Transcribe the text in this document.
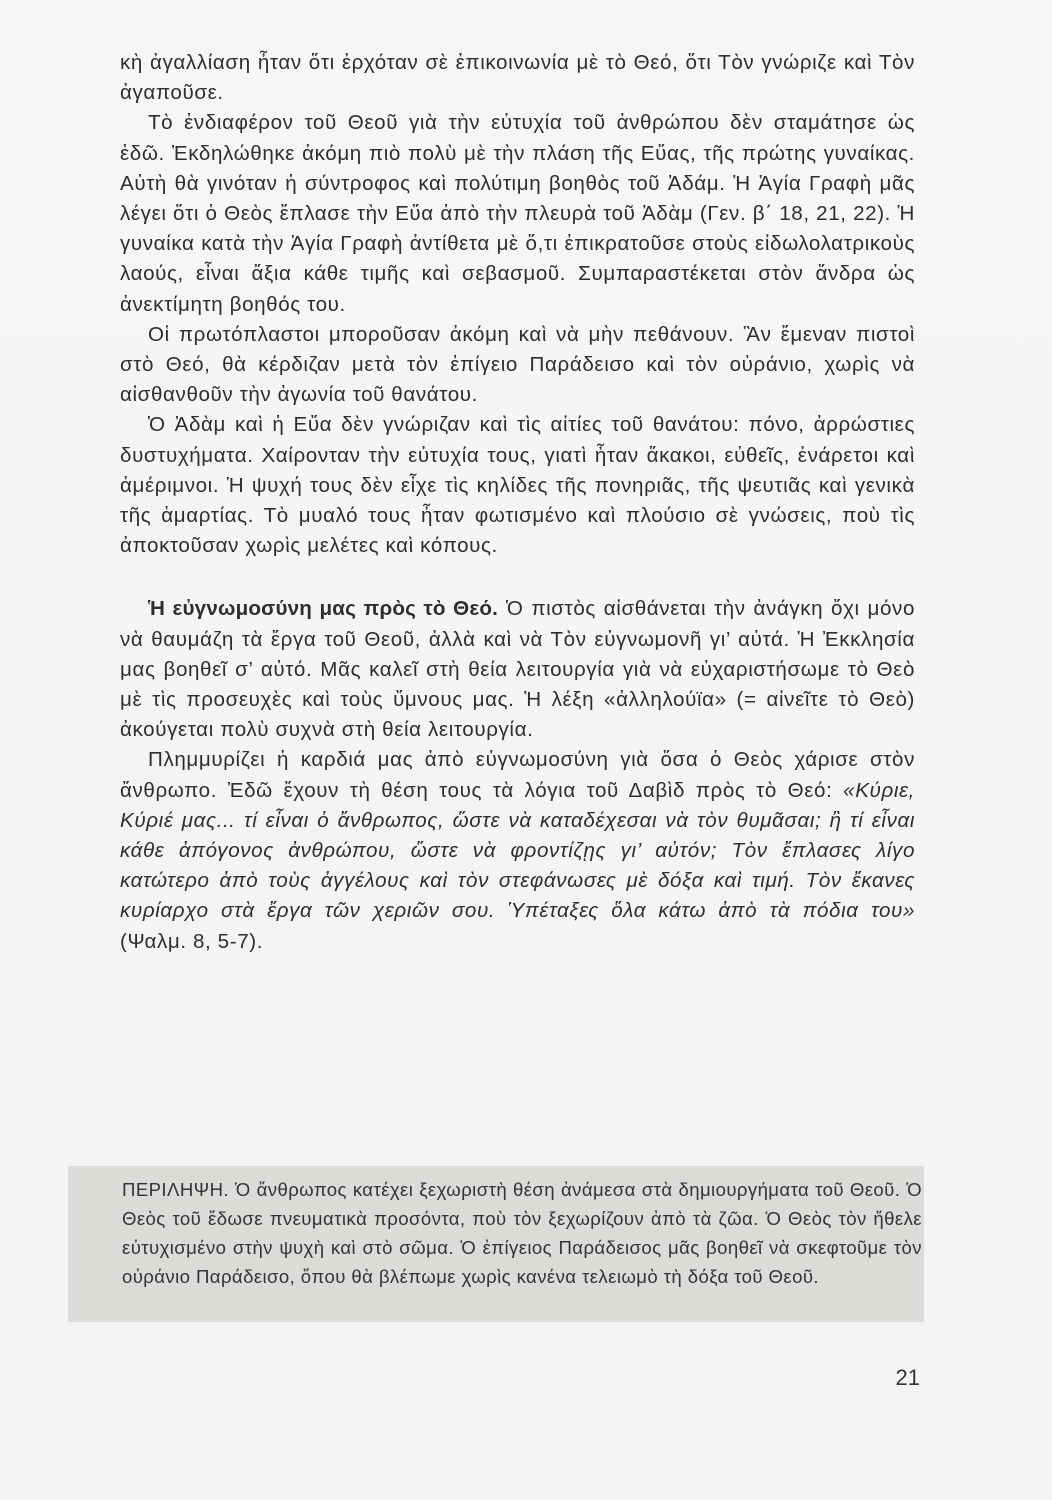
κὴ ἀγαλλίαση ἦταν ὅτι ἐρχόταν σὲ ἐπικοινωνία μὲ τὸ Θεό, ὅτι Τὸν γνώριζε καὶ Τὸν ἀγαποῦσε.

Τὸ ἐνδιαφέρον τοῦ Θεοῦ γιὰ τὴν εὐτυχία τοῦ ἀνθρώπου δὲν σταμάτησε ὡς ἐδῶ. Ἐκδηλώθηκε ἀκόμη πιὸ πολὺ μὲ τὴν πλάση τῆς Εὔας, τῆς πρώτης γυναίκας. Αὐτὴ θὰ γινόταν ἡ σύντροφος καὶ πολύτιμη βοηθὸς τοῦ Ἀδάμ. Ἡ Ἁγία Γραφὴ μᾶς λέγει ὅτι ὁ Θεὸς ἔπλασε τὴν Εὔα ἀπὸ τὴν πλευρὰ τοῦ Ἀδὰμ (Γεν. β΄ 18, 21, 22). Ἡ γυναίκα κατὰ τὴν Ἁγία Γραφὴ ἀντίθετα μὲ ὅ,τι ἐπικρατοῦσε στοὺς εἰδωλολατρικοὺς λαούς, εἶναι ἄξια κάθε τιμῆς καὶ σεβασμοῦ. Συμπαραστέκεται στὸν ἄνδρα ὡς ἀνεκτίμητη βοηθός του.

Οἱ πρωτόπλαστοι μποροῦσαν ἀκόμη καὶ νὰ μὴν πεθάνουν. Ἂν ἔμεναν πιστοὶ στὸ Θεό, θὰ κέρδιζαν μετὰ τὸν ἐπίγειο Παράδεισο καὶ τὸν οὐράνιο, χωρὶς νὰ αἰσθανθοῦν τὴν ἀγωνία τοῦ θανάτου.

Ὁ Ἀδὰμ καὶ ἡ Εὔα δὲν γνώριζαν καὶ τὶς αἰτίες τοῦ θανάτου: πόνο, ἀρρώστιες δυστυχήματα. Χαίρονταν τὴν εὐτυχία τους, γιατὶ ἦταν ἄκακοι, εὐθεῖς, ἐνάρετοι καὶ ἀμέριμνοι. Ἡ ψυχή τους δὲν εἶχε τὶς κηλίδες τῆς πονηριᾶς, τῆς ψευτιᾶς καὶ γενικὰ τῆς ἁμαρτίας. Τὸ μυαλό τους ἦταν φωτισμένο καὶ πλούσιο σὲ γνώσεις, ποὺ τὶς ἀποκτοῦσαν χωρὶς μελέτες καὶ κόπους.

Ἡ εὐγνωμοσύνη μας πρὸς τὸ Θεό. Ὁ πιστὸς αἰσθάνεται τὴν ἀνάγκη ὄχι μόνο νὰ θαυμάζη τὰ ἔργα τοῦ Θεοῦ, ἀλλὰ καὶ νὰ Τὸν εὐγνωμονῆ γι’ αὐτά. Ἡ Ἐκκλησία μας βοηθεῖ σ’ αὐτό. Μᾶς καλεῖ στὴ θεία λειτουργία γιὰ νὰ εὐχαριστήσωμε τὸ Θεὸ μὲ τὶς προσευχὲς καὶ τοὺς ὕμνους μας. Ἡ λέξη «ἀλληλούϊα» (= αἰνεῖτε τὸ Θεὸ) ἀκούγεται πολὺ συχνὰ στὴ θεία λειτουργία.

Πλημμυρίζει ἡ καρδιά μας ἀπὸ εὐγνωμοσύνη γιὰ ὅσα ὁ Θεὸς χάρισε στὸν ἄνθρωπο. Ἐδῶ ἔχουν τὴ θέση τους τὰ λόγια τοῦ Δαβὶδ πρὸς τὸ Θεό: «Κύριε, Κύριέ μας... τί εἶναι ὁ ἄνθρωπος, ὥστε νὰ καταδέχεσαι νὰ τὸν θυμᾶσαι; ἢ τί εἶναι κάθε ἀπόγονος ἀνθρώπου, ὥστε νὰ φροντίζῃς γι’ αὐτόν; Τὸν ἔπλασες λίγο κατώτερο ἀπὸ τοὺς ἀγγέλους καὶ τὸν στεφάνωσες μὲ δόξα καὶ τιμή. Τὸν ἔκανες κυρίαρχο στὰ ἔργα τῶν χεριῶν σου. Ὑπέταξες ὅλα κάτω ἀπὸ τὰ πόδια του» (Ψαλμ. 8, 5-7).

ΠΕΡΙΛΗΨΗ. Ὁ ἄνθρωπος κατέχει ξεχωριστὴ θέση ἀνάμεσα στὰ δημιουργήματα τοῦ Θεοῦ. Ὁ Θεὸς τοῦ ἔδωσε πνευματικὰ προσόντα, ποὺ τὸν ξεχωρίζουν ἀπὸ τὰ ζῶα. Ὁ Θεὸς τὸν ἤθελε εὐτυχισμένο στὴν ψυχὴ καὶ στὸ σῶμα. Ὁ ἐπίγειος Παράδεισος μᾶς βοηθεῖ νὰ σκεφτοῦμε τὸν οὐράνιο Παράδεισο, ὅπου θὰ βλέπωμε χωρὶς κανένα τελειωμὸ τὴ δόξα τοῦ Θεοῦ.

21
